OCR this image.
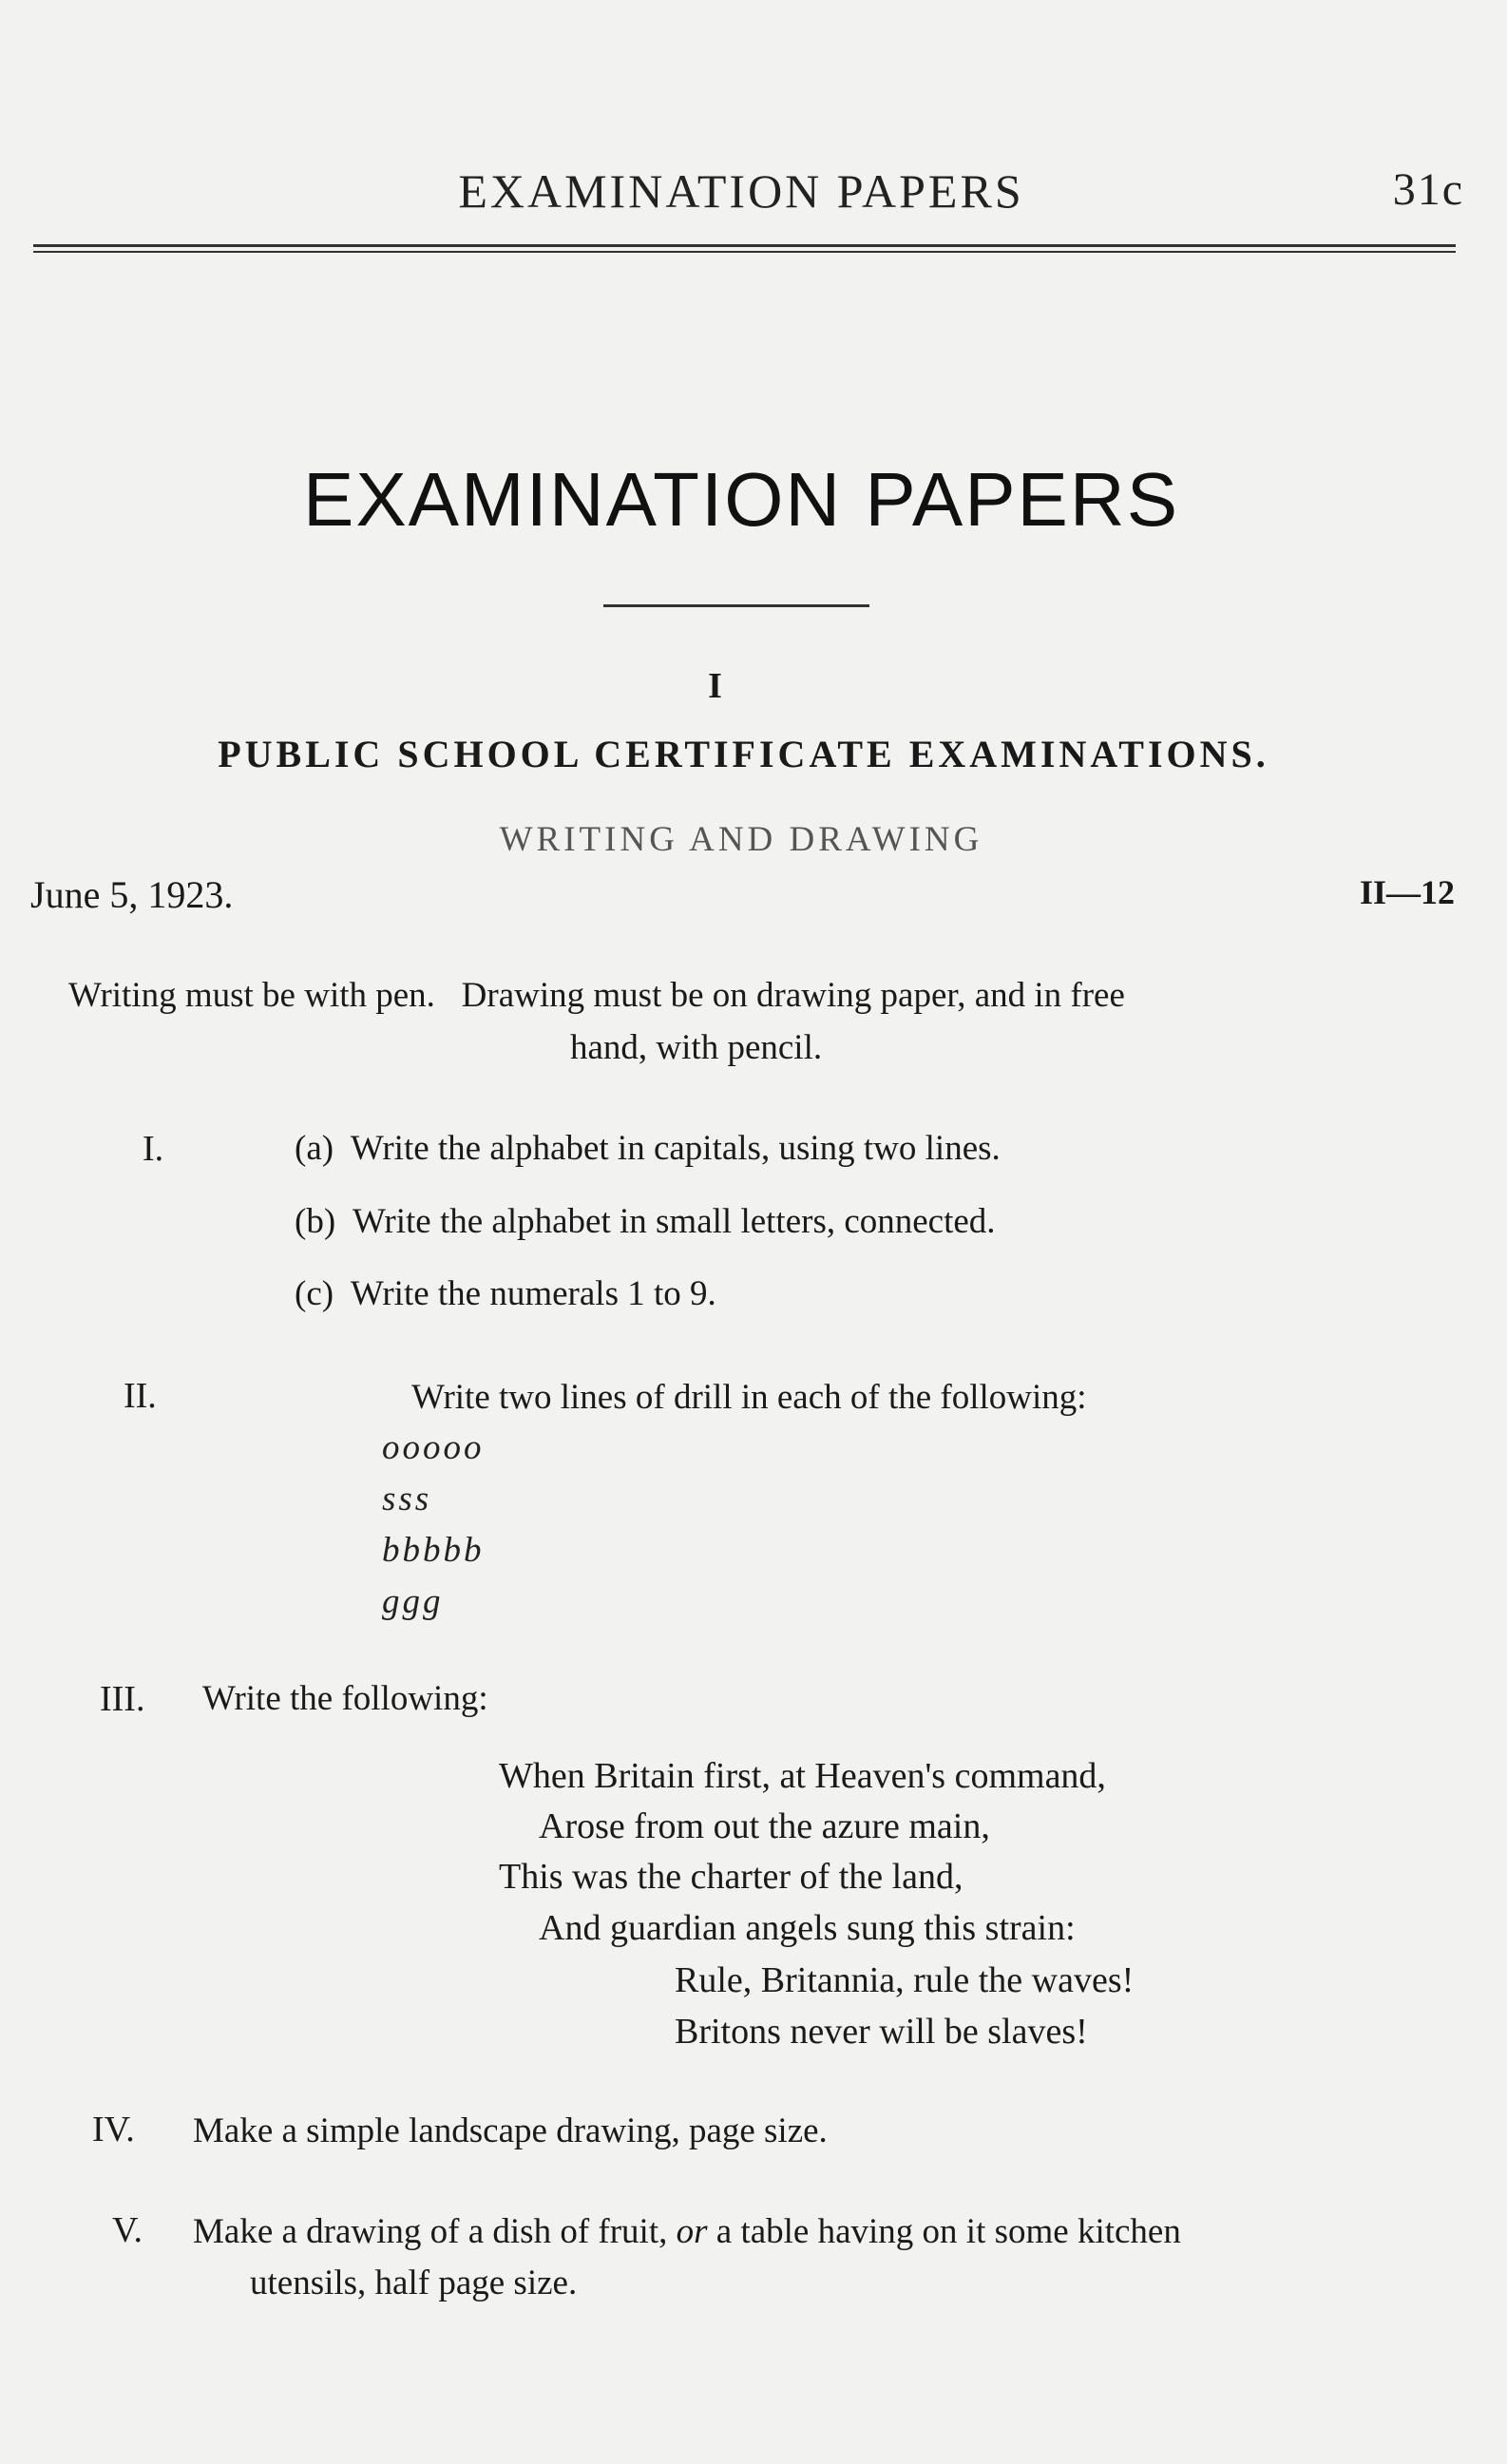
EXAMINATION PAPERS	31c
EXAMINATION PAPERS
I
PUBLIC SCHOOL CERTIFICATE EXAMINATIONS.
WRITING AND DRAWING
June 5, 1923.	II—12
Writing must be with pen.   Drawing must be on drawing paper, and in free
hand, with pencil.
I.	(a)  Write the alphabet in capitals, using two lines.
(b)  Write the alphabet in small letters, connected.
(c)  Write the numerals 1 to 9.
II.	Write two lines of drill in each of the following:
ooooo
sss
bbbbb
ggg
III. Write the following:
When Britain first, at Heaven's command,
Arose from out the azure main,
This was the charter of the land,
And guardian angels sung this strain:
Rule, Britannia, rule the waves!
Britons never will be slaves!
IV. Make a simple landscape drawing, page size.
V. Make a drawing of a dish of fruit, or a table having on it some kitchen
utensils, half page size.
